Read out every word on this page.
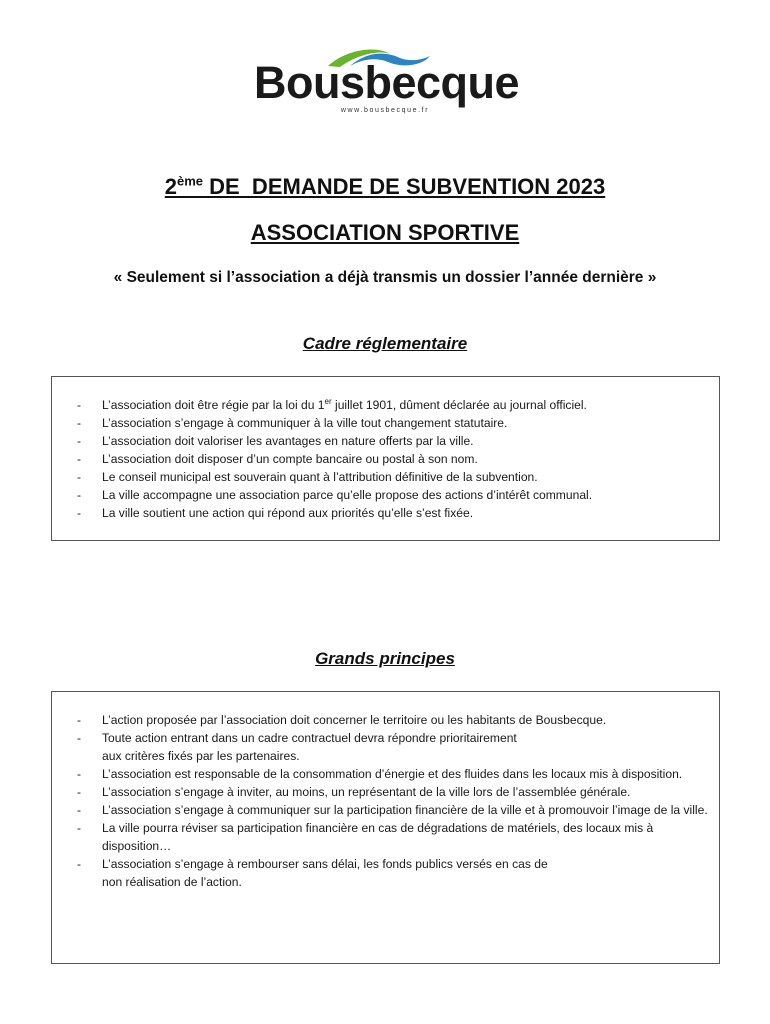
Bousbecque
www.bousbecque.fr
2ème DE  DEMANDE DE SUBVENTION 2023
ASSOCIATION SPORTIVE
« Seulement si l’association a déjà transmis un dossier l’année dernière »
Cadre réglementaire
- L’association doit être régie par la loi du 1er juillet 1901, dûment déclarée au journal officiel.
- L’association s’engage à communiquer à la ville tout changement statutaire.
- L’association doit valoriser les avantages en nature offerts par la ville.
- L’association doit disposer d’un compte bancaire ou postal à son nom.
- Le conseil municipal est souverain quant à l’attribution définitive de la subvention.
- La ville accompagne une association parce qu’elle propose des actions d’intérêt communal.
- La ville soutient une action qui répond aux priorités qu’elle s’est fixée.
Grands principes
- L’action proposée par l’association doit concerner le territoire ou les habitants de Bousbecque.
- Toute action entrant dans un cadre contractuel devra répondre prioritairement
aux critères fixés par les partenaires.
- L’association est responsable de la consommation d’énergie et des fluides dans les locaux mis à disposition.
- L’association s’engage à inviter, au moins, un représentant de la ville lors de l’assemblée générale.
- L’association s’engage à communiquer sur la participation financière de la ville et à promouvoir l’image de la ville.
- La ville pourra réviser sa participation financière en cas de dégradations de matériels, des locaux mis à disposition…
- L’association s’engage à rembourser sans délai, les fonds publics versés en cas de
non réalisation de l’action.
